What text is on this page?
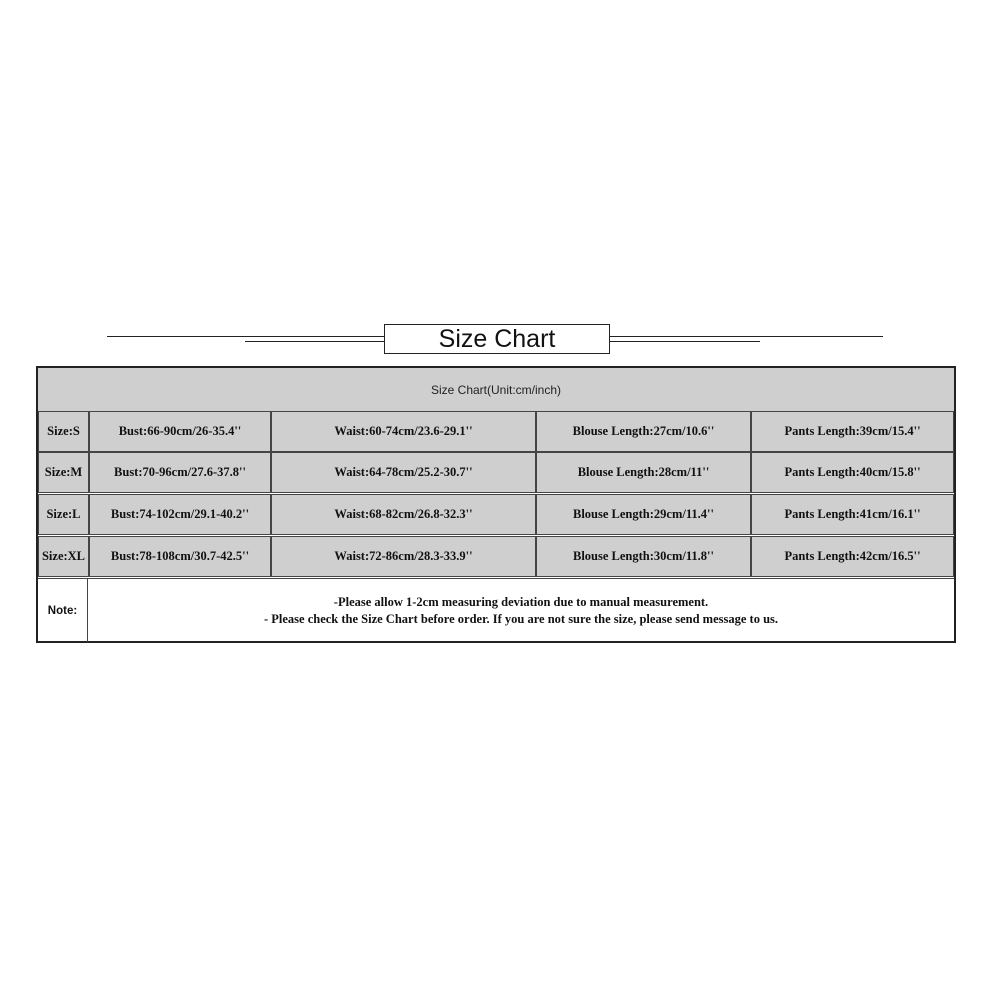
Size Chart
Size Chart(Unit:cm/inch)
Size:S	Bust:66-90cm/26-35.4''	Waist:60-74cm/23.6-29.1''	Blouse Length:27cm/10.6''	Pants Length:39cm/15.4''
Size:M	Bust:70-96cm/27.6-37.8''	Waist:64-78cm/25.2-30.7''	Blouse Length:28cm/11''	Pants Length:40cm/15.8''
Size:L	Bust:74-102cm/29.1-40.2''	Waist:68-82cm/26.8-32.3''	Blouse Length:29cm/11.4''	Pants Length:41cm/16.1''
Size:XL	Bust:78-108cm/30.7-42.5''	Waist:72-86cm/28.3-33.9''	Blouse Length:30cm/11.8''	Pants Length:42cm/16.5''
Note:
-Please allow 1-2cm measuring deviation due to manual measurement.
- Please check the Size Chart before order. If you are not sure the size, please send message to us.
